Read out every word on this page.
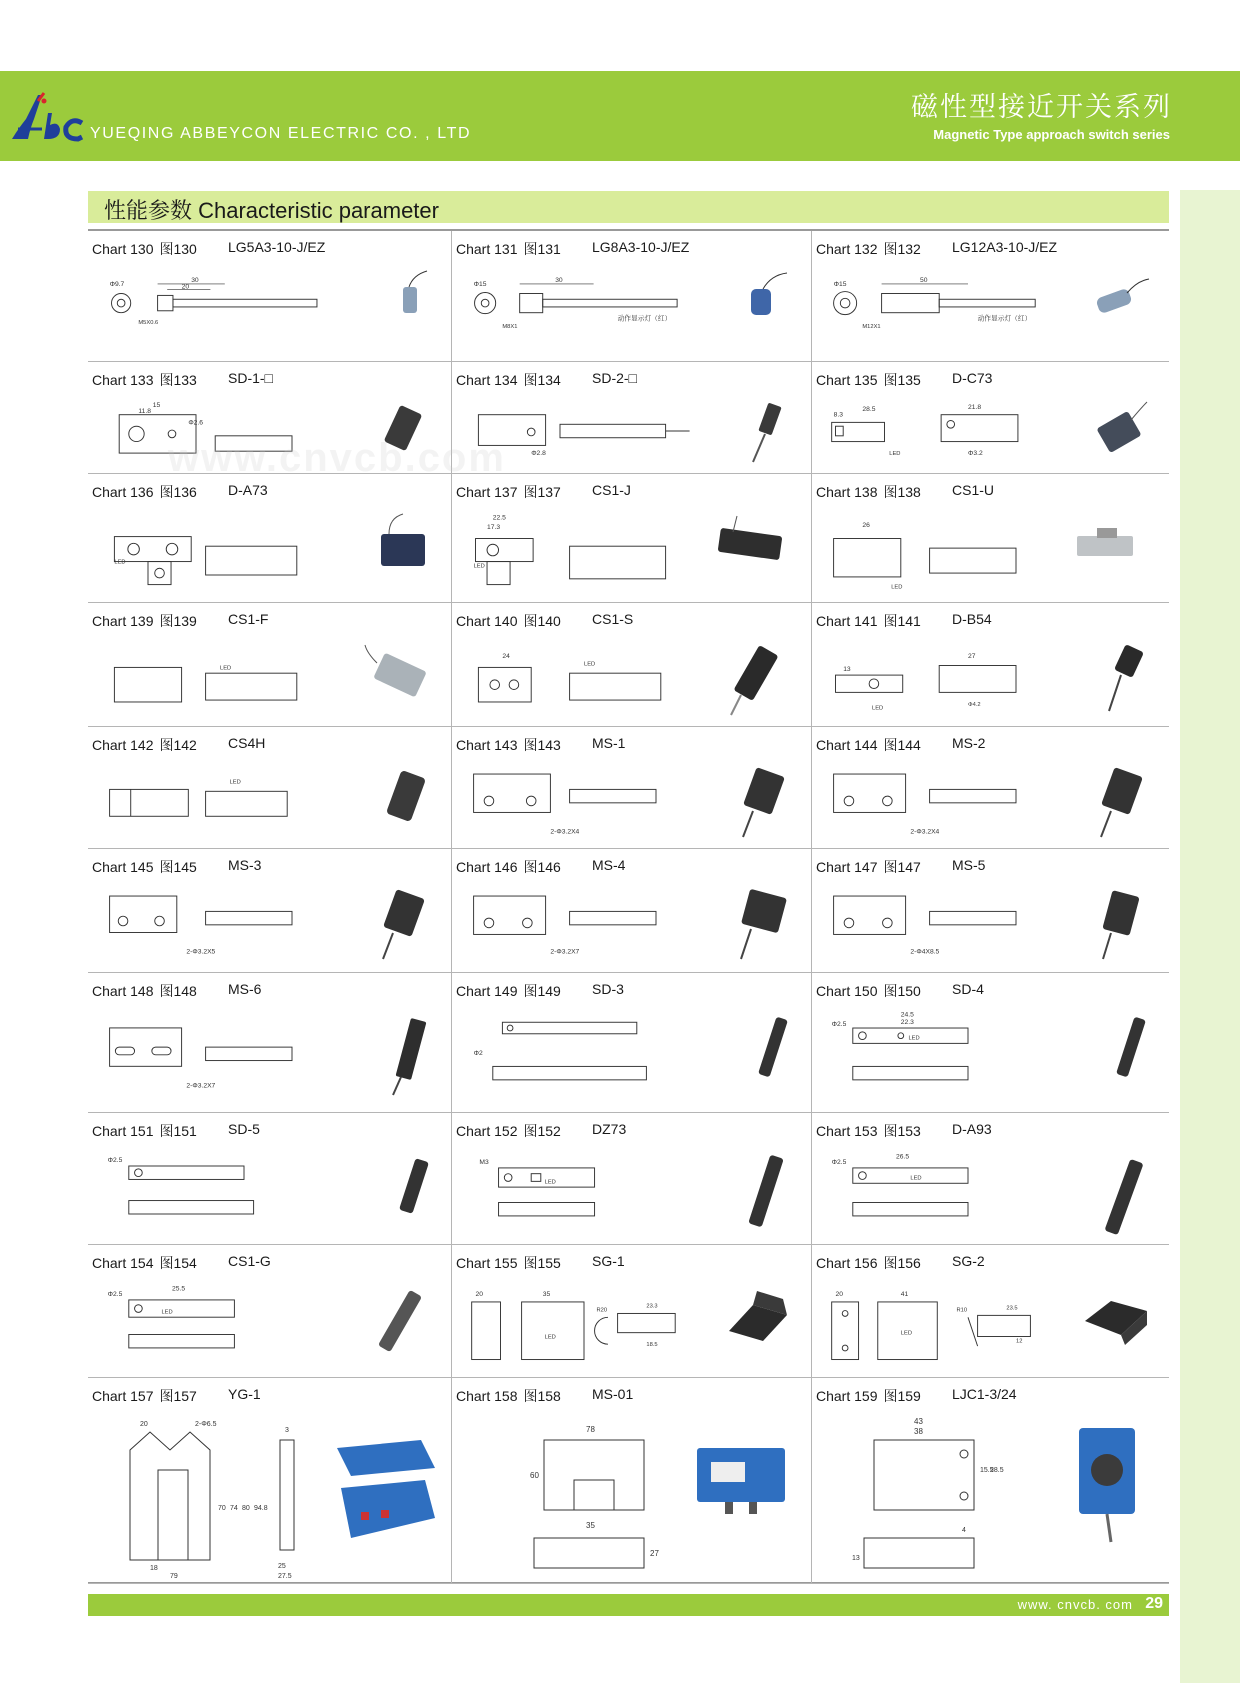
YUEQING ABBEYCON ELECTRIC CO. , LTD
磁性型接近开关系列
Magnetic Type approach switch series
性能参数 Characteristic parameter
Chart 130 图130 LG5A3-10-J/EZ
30
20
Φ9.7
M5X0.6
Chart 131 图131 LG8A3-10-J/EZ
30
Φ15
M8X1
动作显示灯（红）
Chart 132 图132 LG12A3-10-J/EZ
50
Φ15
M12X1
动作显示灯（红）
Chart 133 图133 SD-1-□
15
11.8
Φ2.6
Chart 134 图134 SD-2-□
Φ2.8
Chart 135 图135 D-C73
8.3
28.5	21.8
Φ3.2
LED
Chart 136 图136 D-A73
LED
Chart 137 图137 CS1-J
22.5
17.3
LED
Chart 138 图138 CS1-U
26
LED
Chart 139 图139 CS1-F
LED
Chart 140 图140 CS1-S
24
LED
Chart 141 图141 D-B54
27
13
Φ4.2
LED
Chart 142 图142 CS4H
LED
Chart 143 图143 MS-1
2-Φ3.2X4
Chart 144 图144 MS-2
2-Φ3.2X4
Chart 145 图145 MS-3
2-Φ3.2X5
Chart 146 图146 MS-4
2-Φ3.2X7
Chart 147 图147 MS-5
2-Φ4X8.5
Chart 148 图148 MS-6
2-Φ3.2X7
Chart 149 图149 SD-3
Φ2
Chart 150 图150 SD-4
Φ2.5
24.5
22.3
LED
Chart 151 图151 SD-5
Φ2.5
Chart 152 图152 DZ73
M3
LED
Chart 153 图153 D-A93
Φ2.5
26.5
LED
Chart 154 图154 CS1-G
Φ2.5
25.5
LED
Chart 155 图155 SG-1
20	35
R20
LED
23.3
18.5
Chart 156 图156 SG-2
20	41
R10	23.5
12
LED
Chart 157 图157 YG-1
20	2-Φ6.5
3
70 74 80 94.8
18
79
25
27.5
Chart 158 图158 MS-01
78
60
35
27
Chart 159 图159 LJC1-3/24
43
38
15.5
28.5
4
13
www.cnvcb.com
www. cnvcb. com 29
